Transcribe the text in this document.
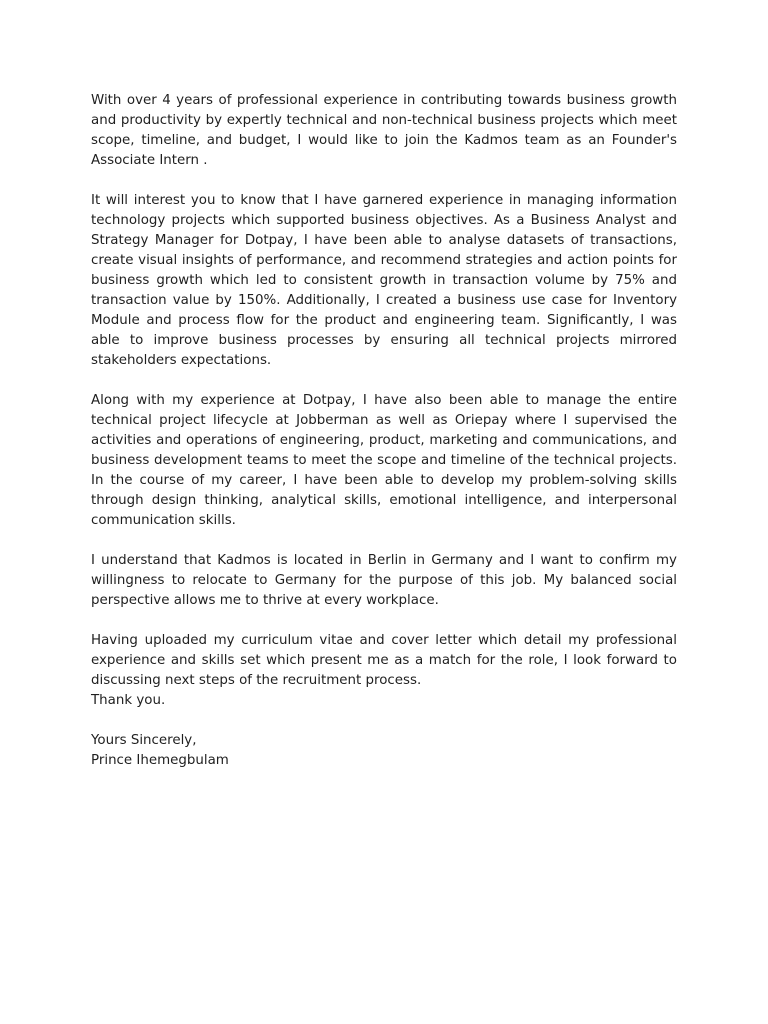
With over 4 years of professional experience in contributing towards business growth and productivity by expertly technical and non-technical business projects which meet scope, timeline, and budget, I would like to join the Kadmos team as an Founder's Associate Intern .

It will interest you to know that I have garnered experience in managing information technology projects which supported business objectives. As a Business Analyst and Strategy Manager for Dotpay, I have been able to analyse datasets of transactions, create visual insights of performance, and recommend strategies and action points for business growth which led to consistent growth in transaction volume by 75% and transaction value by 150%. Additionally, I created a business use case for Inventory Module and process flow for the product and engineering team. Significantly, I was able to improve business processes by ensuring all technical projects mirrored stakeholders expectations.

Along with my experience at Dotpay, I have also been able to manage the entire technical project lifecycle at Jobberman as well as Oriepay where I supervised the activities and operations of engineering, product, marketing and communications, and business development teams to meet the scope and timeline of the technical projects. In the course of my career, I have been able to develop my problem-solving skills through design thinking, analytical skills, emotional intelligence, and interpersonal communication skills.

I understand that Kadmos is located in Berlin in Germany and I want to confirm my willingness to relocate to Germany for the purpose of this job. My balanced social perspective allows me to thrive at every workplace.

Having uploaded my curriculum vitae and cover letter which detail my professional experience and skills set which present me as a match for the role, I look forward to discussing next steps of the recruitment process.

Thank you.

Yours Sincerely,

Prince Ihemegbulam
